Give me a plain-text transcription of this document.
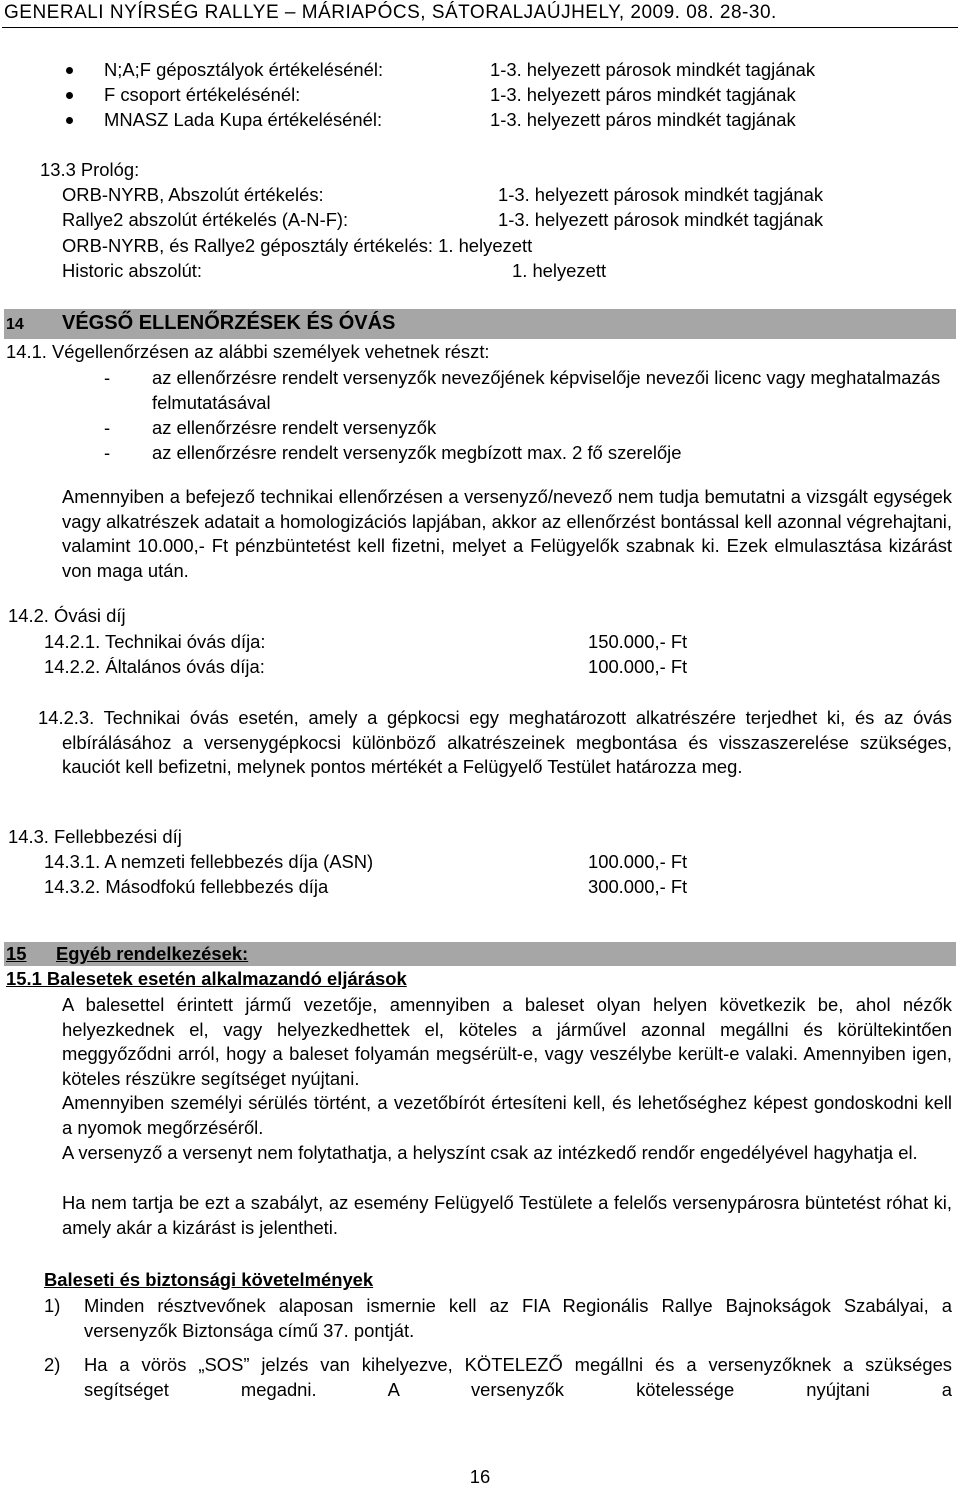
GENERALI NYÍRSÉG RALLYE – MÁRIAPÓCS, SÁTORALJAÚJHELY, 2009. 08. 28-30.
N;A;F géposztályok értékelésénél:	1-3. helyezett párosok mindkét tagjának
F csoport értékelésénél:	1-3. helyezett páros mindkét tagjának
MNASZ Lada Kupa értékelésénél:	1-3. helyezett páros mindkét tagjának
13.3 Prológ:
ORB-NYRB, Abszolút értékelés:	1-3. helyezett párosok mindkét tagjának
Rallye2 abszolút értékelés (A-N-F):	1-3. helyezett párosok mindkét tagjának
ORB-NYRB, és Rallye2 géposztály értékelés: 1. helyezett
Historic abszolút:	1. helyezett
14 VÉGSŐ ELLENŐRZÉSEK ÉS ÓVÁS
14.1. Végellenőrzésen az alábbi személyek vehetnek részt:
- az ellenőrzésre rendelt versenyzők nevezőjének képviselője nevezői licenc vagy meghatalmazás felmutatásával
- az ellenőrzésre rendelt versenyzők
- az ellenőrzésre rendelt versenyzők megbízott max. 2 fő szerelője
Amennyiben a befejező technikai ellenőrzésen a versenyző/nevező nem tudja bemutatni a vizsgált egységek vagy alkatrészek adatait a homologizációs lapjában, akkor az ellenőrzést bontással kell azonnal végrehajtani, valamint 10.000,- Ft pénzbüntetést kell fizetni, melyet a Felügyelők szabnak ki. Ezek elmulasztása kizárást von maga után.
14.2. Óvási díj
14.2.1. Technikai óvás díja:	150.000,- Ft
14.2.2. Általános óvás díja:	100.000,- Ft
14.2.3. Technikai óvás esetén, amely a gépkocsi egy meghatározott alkatrészére terjedhet ki, és az óvás elbírálásához a versenygépkocsi különböző alkatrészeinek megbontása és visszaszerelése szükséges, kauciót kell befizetni, melynek pontos mértékét a Felügyelő Testület határozza meg.
14.3. Fellebbezési díj
14.3.1. A nemzeti fellebbezés díja (ASN)	100.000,- Ft
14.3.2. Másodfokú fellebbezés díja	300.000,- Ft
15 Egyéb rendelkezések:
15.1 Balesetek esetén alkalmazandó eljárások
A balesettel érintett jármű vezetője, amennyiben a baleset olyan helyen következik be, ahol nézők helyezkednek el, vagy helyezkedhettek el, köteles a járművel azonnal megállni és körültekintően meggyőződni arról, hogy a baleset folyamán megsérült-e, vagy veszélybe került-e valaki. Amennyiben igen, köteles részükre segítséget nyújtani.
Amennyiben személyi sérülés történt, a vezetőbírót értesíteni kell, és lehetőséghez képest gondoskodni kell a nyomok megőrzéséről.
A versenyző a versenyt nem folytathatja, a helyszínt csak az intézkedő rendőr engedélyével hagyhatja el.
Ha nem tartja be ezt a szabályt, az esemény Felügyelő Testülete a felelős versenypárosra büntetést róhat ki, amely akár a kizárást is jelentheti.
Baleseti és biztonsági követelmények
1) Minden résztvevőnek alaposan ismernie kell az FIA Regionális Rallye Bajnokságok Szabályai, a versenyzők Biztonsága című 37. pontját.
2) Ha a vörös „SOS” jelzés van kihelyezve, KÖTELEZŐ megállni és a versenyzőknek a szükséges segítséget megadni. A versenyzők kötelessége nyújtani a
16
